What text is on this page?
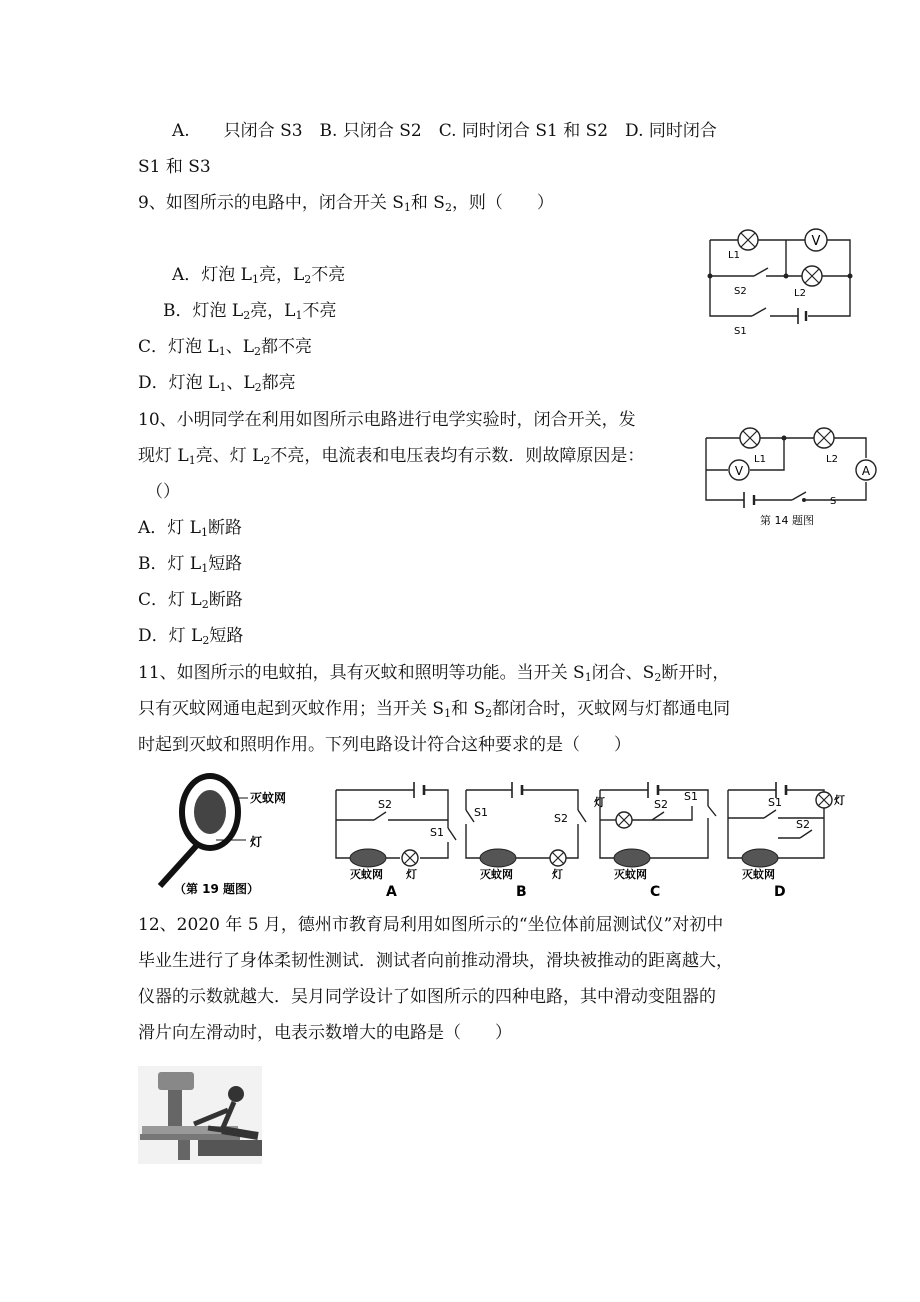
A.　　只闭合 S3　B. 只闭合 S2　C. 同时闭合 S1 和 S2　D. 同时闭合
S1 和 S3
9、如图所示的电路中，闭合开关 $S_1$和 $S_2$，则（　　）
A．灯泡 $L_1$亮，$L_2$不亮
B．灯泡 $L_2$亮，$L_1$不亮
C．灯泡 $L_1$、$L_2$都不亮
D．灯泡 $L_1$、$L_2$都亮
V
L1
S2	L2
S1
10、小明同学在利用如图所示电路进行电学实验时，闭合开关，发
现灯 $L_1$亮、灯 $L_2$不亮，电流表和电压表均有示数．则故障原因是：
（）
A．灯 $L_1$断路
B．灯 $L_1$短路
C．灯 $L_2$断路
D．灯 $L_2$短路
V	A
L1	L2
S
第 14 题图
11、如图所示的电蚊拍，具有灭蚊和照明等功能。当开关 $S_1$闭合、$S_2$断开时，
只有灭蚊网通电起到灭蚊作用；当开关 $S_1$和 $S_2$都闭合时，灭蚊网与灯都通电同
时起到灭蚊和照明作用。下列电路设计符合这种要求的是（　　）
灭蚊网
灯
（第 19 题图）
S2
S1
灭蚊网 灯
A
S1	S2
灭蚊网	灯
B
灯	S2
S1
灭蚊网
C
S1
S2
灯
灭蚊网
D
12、2020 年 5 月，德州市教育局利用如图所示的“坐位体前屈测试仪”对初中
毕业生进行了身体柔韧性测试．测试者向前推动滑块，滑块被推动的距离越大，
仪器的示数就越大．吴月同学设计了如图所示的四种电路，其中滑动变阻器的
滑片向左滑动时，电表示数增大的电路是（　　）
